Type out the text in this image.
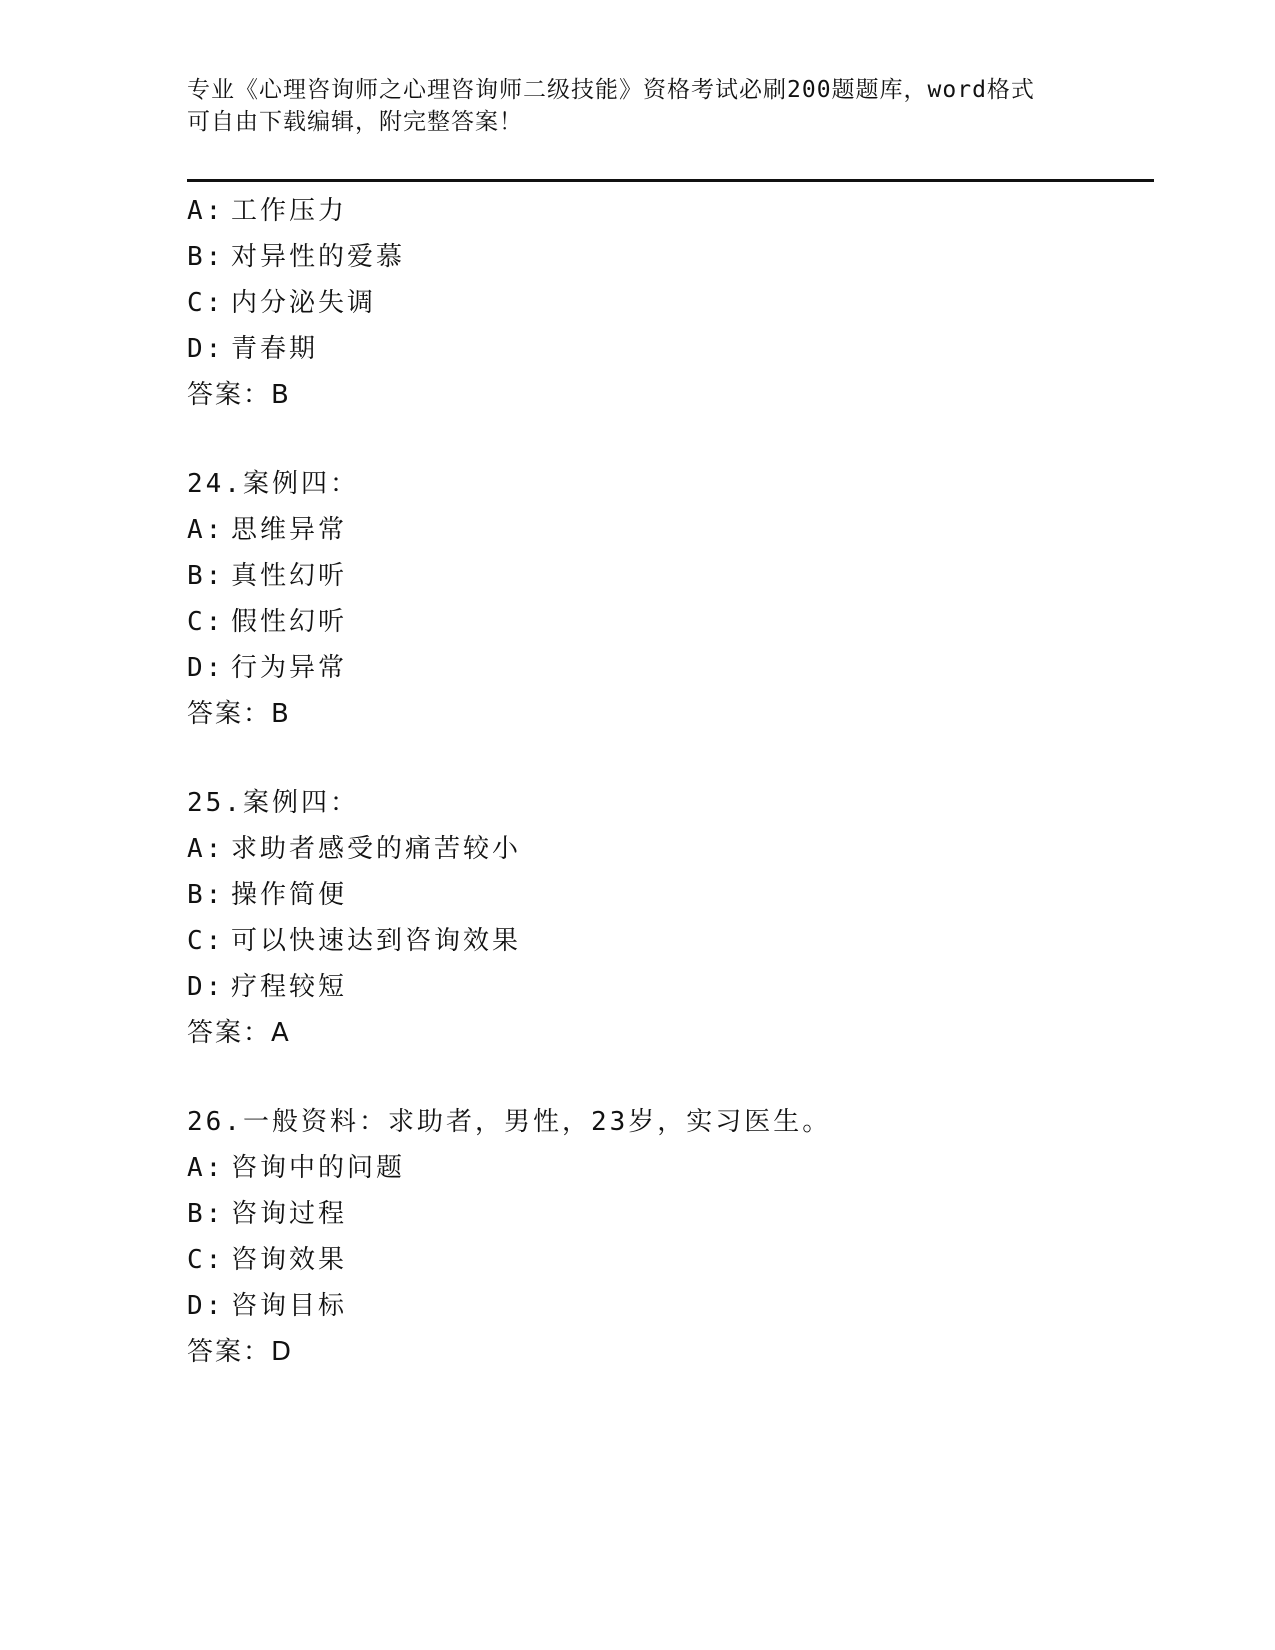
专业《心理咨询师之心理咨询师二级技能》资格考试必刷200题题库，word格式
可自由下载编辑，附完整答案！
A: 工作压力
B: 对异性的爱慕
C: 内分泌失调
D: 青春期
答案：B
24.案例四：
A: 思维异常
B: 真性幻听
C: 假性幻听
D: 行为异常
答案：B
25.案例四：
A: 求助者感受的痛苦较小
B: 操作简便
C: 可以快速达到咨询效果
D: 疗程较短
答案：A
26.一般资料：求助者，男性，23岁，实习医生。
A: 咨询中的问题
B: 咨询过程
C: 咨询效果
D: 咨询目标
答案：D
